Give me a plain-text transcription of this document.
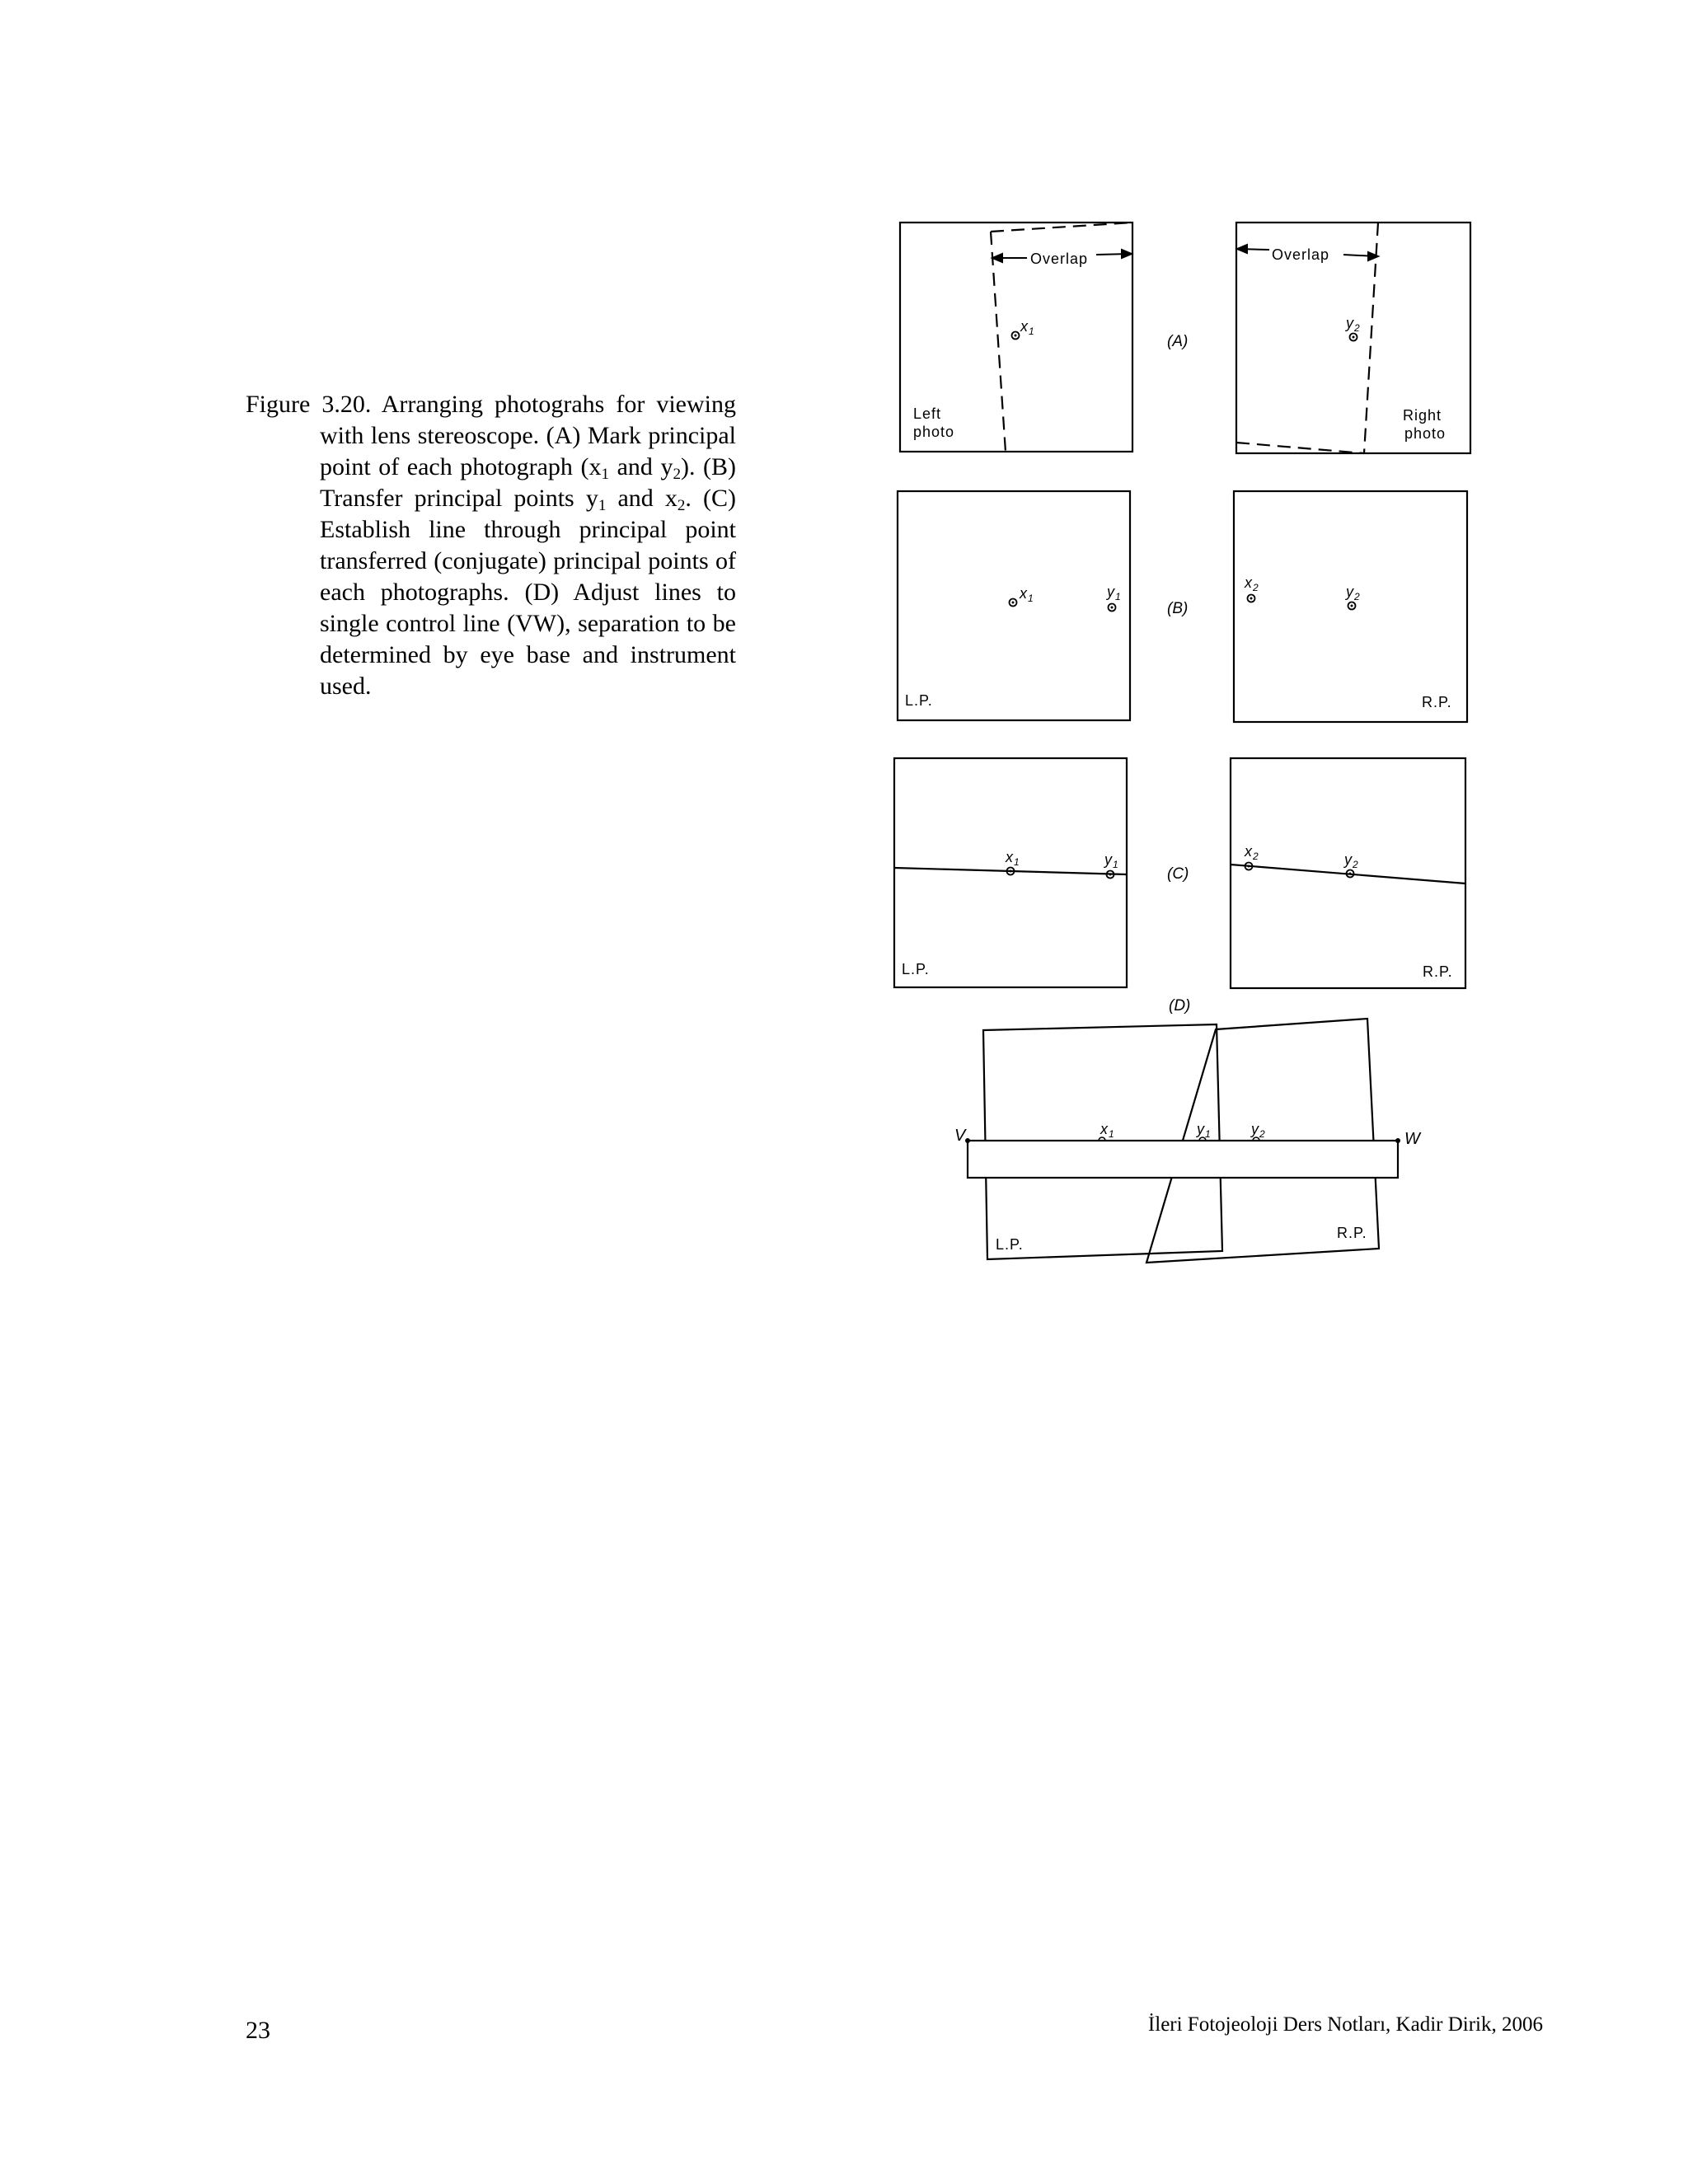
Figure 3.20. Arranging photograhs for viewing with lens stereoscope. (A) Mark principal point of each photograph ($x_1$ and $y_2$). (B) Transfer principal points $y_1$ and $x_2$. (C) Establish line through principal point transferred (conjugate) principal points of each photographs. (D) Adjust lines to single control line (VW), separation to be determined by eye base and instrument used.
Overlap	Overlap
x 1	y 2
x 1	y 1
x 2	y 2
x 1	y 1
x 2	y 2
x 1	y 1	y 2
V	W
(A)
(B)
(C)
(D)
Left
photo
Right
photo
L.P.	R.P.
L.P.	R.P.
L.P.
R.P.
23	İleri Fotojeoloji Ders Notları, Kadir Dirik, 2006
